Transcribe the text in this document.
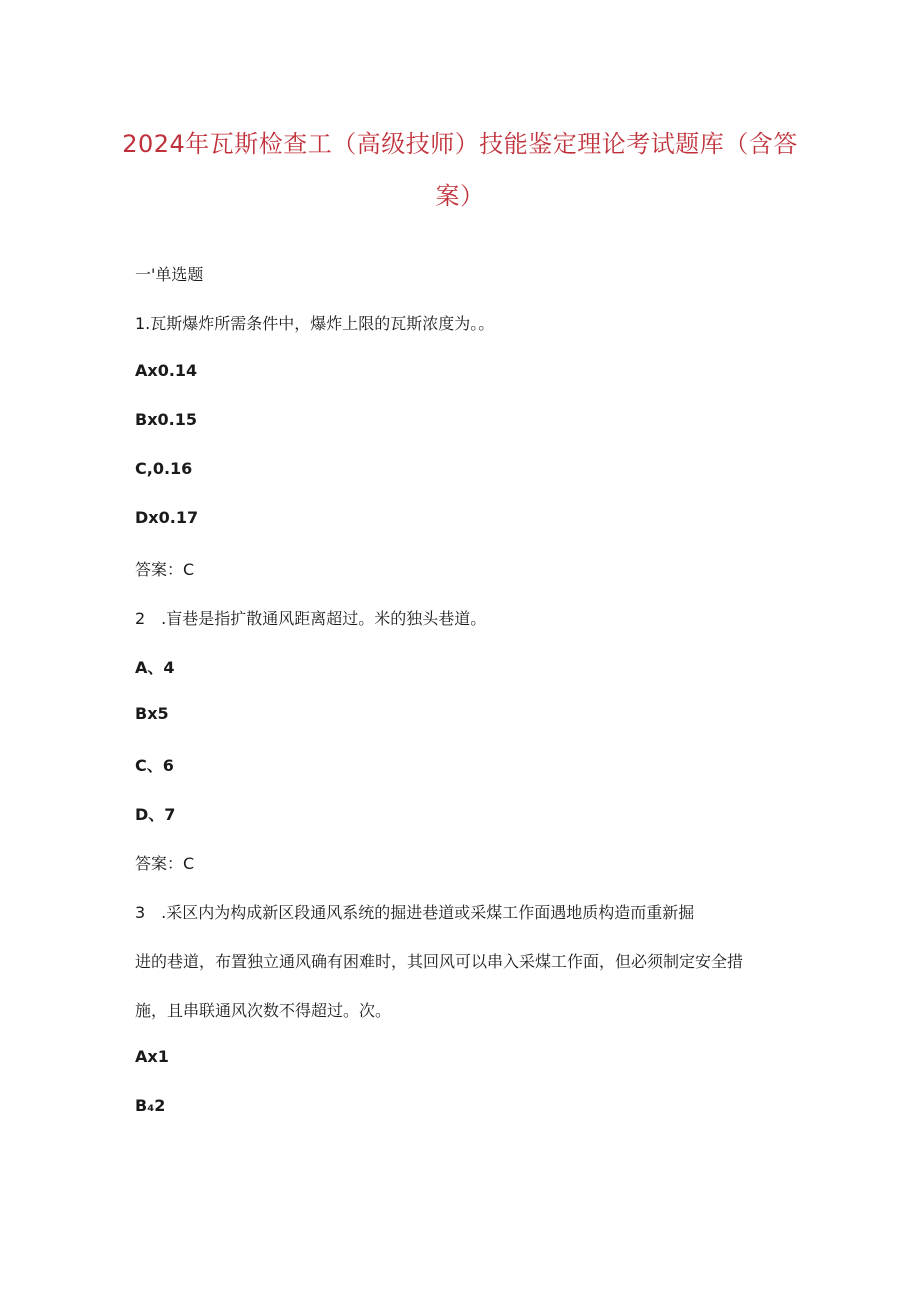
2024年瓦斯检查工（高级技师）技能鉴定理论考试题库（含答
案）
一'单选题
1.瓦斯爆炸所需条件中，爆炸上限的瓦斯浓度为。。
Ax0.14
Bx0.15
C,0.16
Dx0.17
答案：C
2　.盲巷是指扩散通风距离超过。米的独头巷道。
A、4
Bx5
C、6
D、7
答案：C
3　.采区内为构成新区段通风系统的掘进巷道或采煤工作面遇地质构造而重新掘
进的巷道，布置独立通风确有困难时，其回风可以串入采煤工作面，但必须制定安全措
施，且串联通风次数不得超过。次。
Ax1
B₄2
